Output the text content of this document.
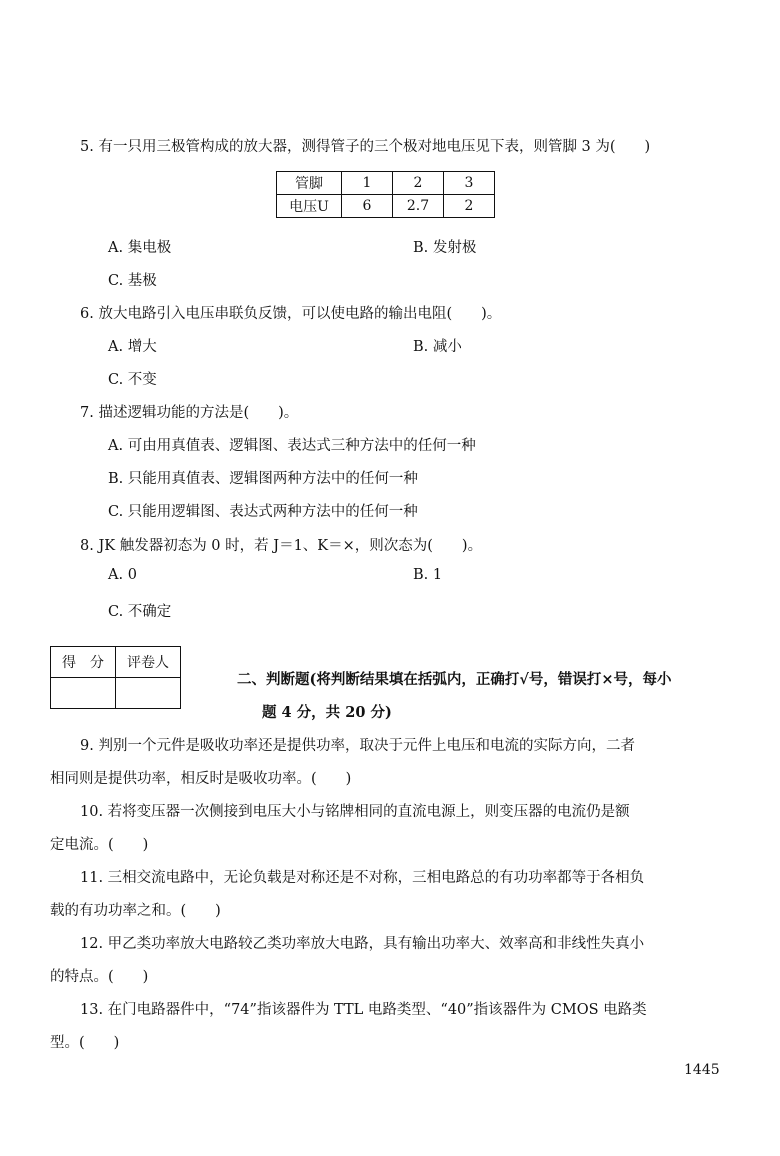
5. 有一只用三极管构成的放大器，测得管子的三个极对地电压见下表，则管脚 3 为(　　)
管脚	1	2	3
电压U	6	2.7	2
A. 集电极	B. 发射极
C. 基极
6. 放大电路引入电压串联负反馈，可以使电路的输出电阻(　　)。
A. 增大	B. 减小
C. 不变
7. 描述逻辑功能的方法是(　　)。
A. 可由用真值表、逻辑图、表达式三种方法中的任何一种
B. 只能用真值表、逻辑图两种方法中的任何一种
C. 只能用逻辑图、表达式两种方法中的任何一种
8. JK 触发器初态为 0 时，若 J＝1、K＝×，则次态为(　　)。
A. 0	B. 1
C. 不确定
得　分	评卷人

二、判断题(将判断结果填在括弧内，正确打√号，错误打×号，每小
题 4 分，共 20 分)
9. 判别一个元件是吸收功率还是提供功率，取决于元件上电压和电流的实际方向，二者
相同则是提供功率，相反时是吸收功率。(　　)
10. 若将变压器一次侧接到电压大小与铭牌相同的直流电源上，则变压器的电流仍是额
定电流。(　　)
11. 三相交流电路中，无论负载是对称还是不对称，三相电路总的有功功率都等于各相负
载的有功功率之和。(　　)
12. 甲乙类功率放大电路较乙类功率放大电路，具有输出功率大、效率高和非线性失真小
的特点。(　　)
13. 在门电路器件中，“74”指该器件为 TTL 电路类型、“40”指该器件为 CMOS 电路类
型。(　　)
1445
